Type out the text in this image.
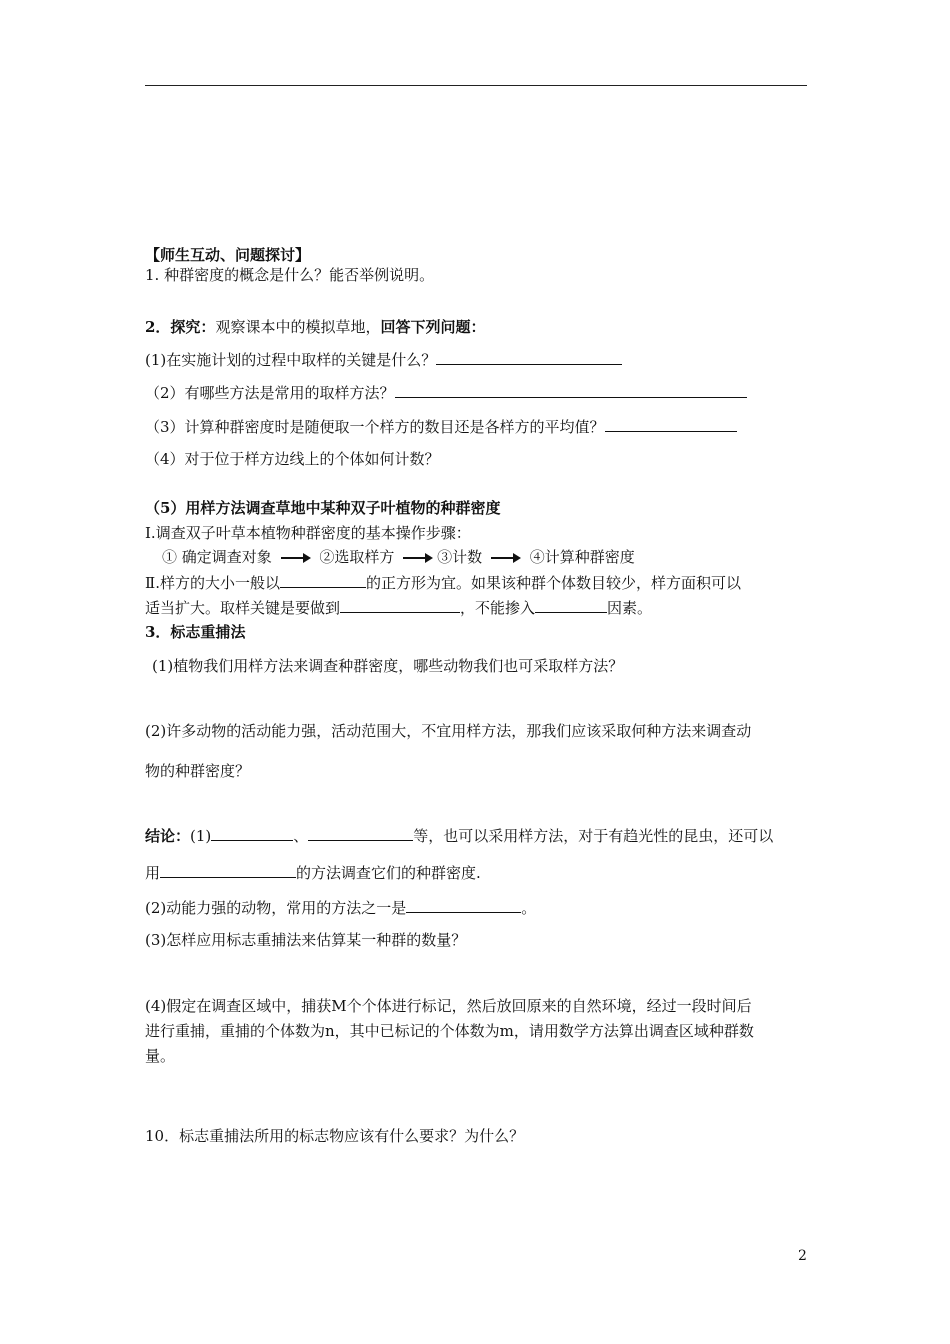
【师生互动、问题探讨】
1. 种群密度的概念是什么？能否举例说明。
2．探究：观察课本中的模拟草地，回答下列问题：
(1)在实施计划的过程中取样的关键是什么？
（2）有哪些方法是常用的取样方法？
（3）计算种群密度时是随便取一个样方的数目还是各样方的平均值？
（4）对于位于样方边线上的个体如何计数？
（5）用样方法调查草地中某种双子叶植物的种群密度
Ⅰ.调查双子叶草本植物种群密度的基本操作步骤：
① 确定调查对象	②选取样方	③计数	④计算种群密度
Ⅱ.样方的大小一般以	的正方形为宜。如果该种群个体数目较少，样方面积可以
适当扩大。取样关键是要做到	，不能掺入	因素。
3．标志重捕法
(1)植物我们用样方法来调查种群密度，哪些动物我们也可采取样方法？
(2)许多动物的活动能力强，活动范围大，不宜用样方法，那我们应该采取何种方法来调查动
物的种群密度？
结论：(1)	、	等，也可以采用样方法，对于有趋光性的昆虫，还可以
用	的方法调查它们的种群密度.
(2)动能力强的动物，常用的方法之一是	。
(3)怎样应用标志重捕法来估算某一种群的数量？
(4)假定在调查区域中，捕获M个个体进行标记，然后放回原来的自然环境，经过一段时间后
进行重捕，重捕的个体数为n，其中已标记的个体数为m，请用数学方法算出调查区域种群数
量。
10．标志重捕法所用的标志物应该有什么要求？为什么？
2
